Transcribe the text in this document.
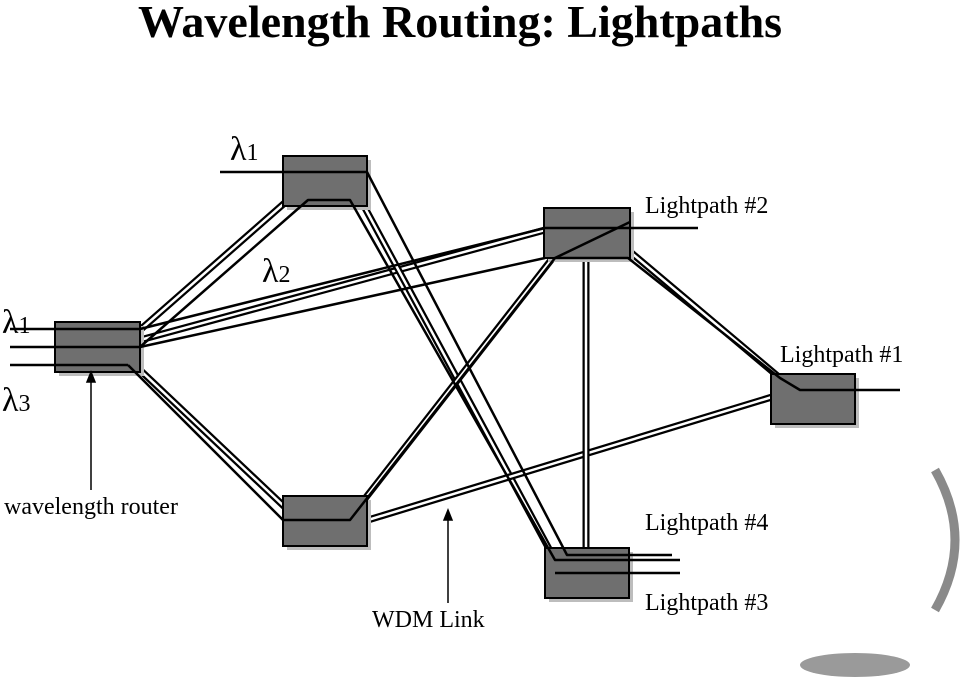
Wavelength Routing: Lightpaths
λ1
λ2
λ1
λ3
Lightpath #2
Lightpath #1
Lightpath #4
Lightpath #3
wavelength router
WDM Link
